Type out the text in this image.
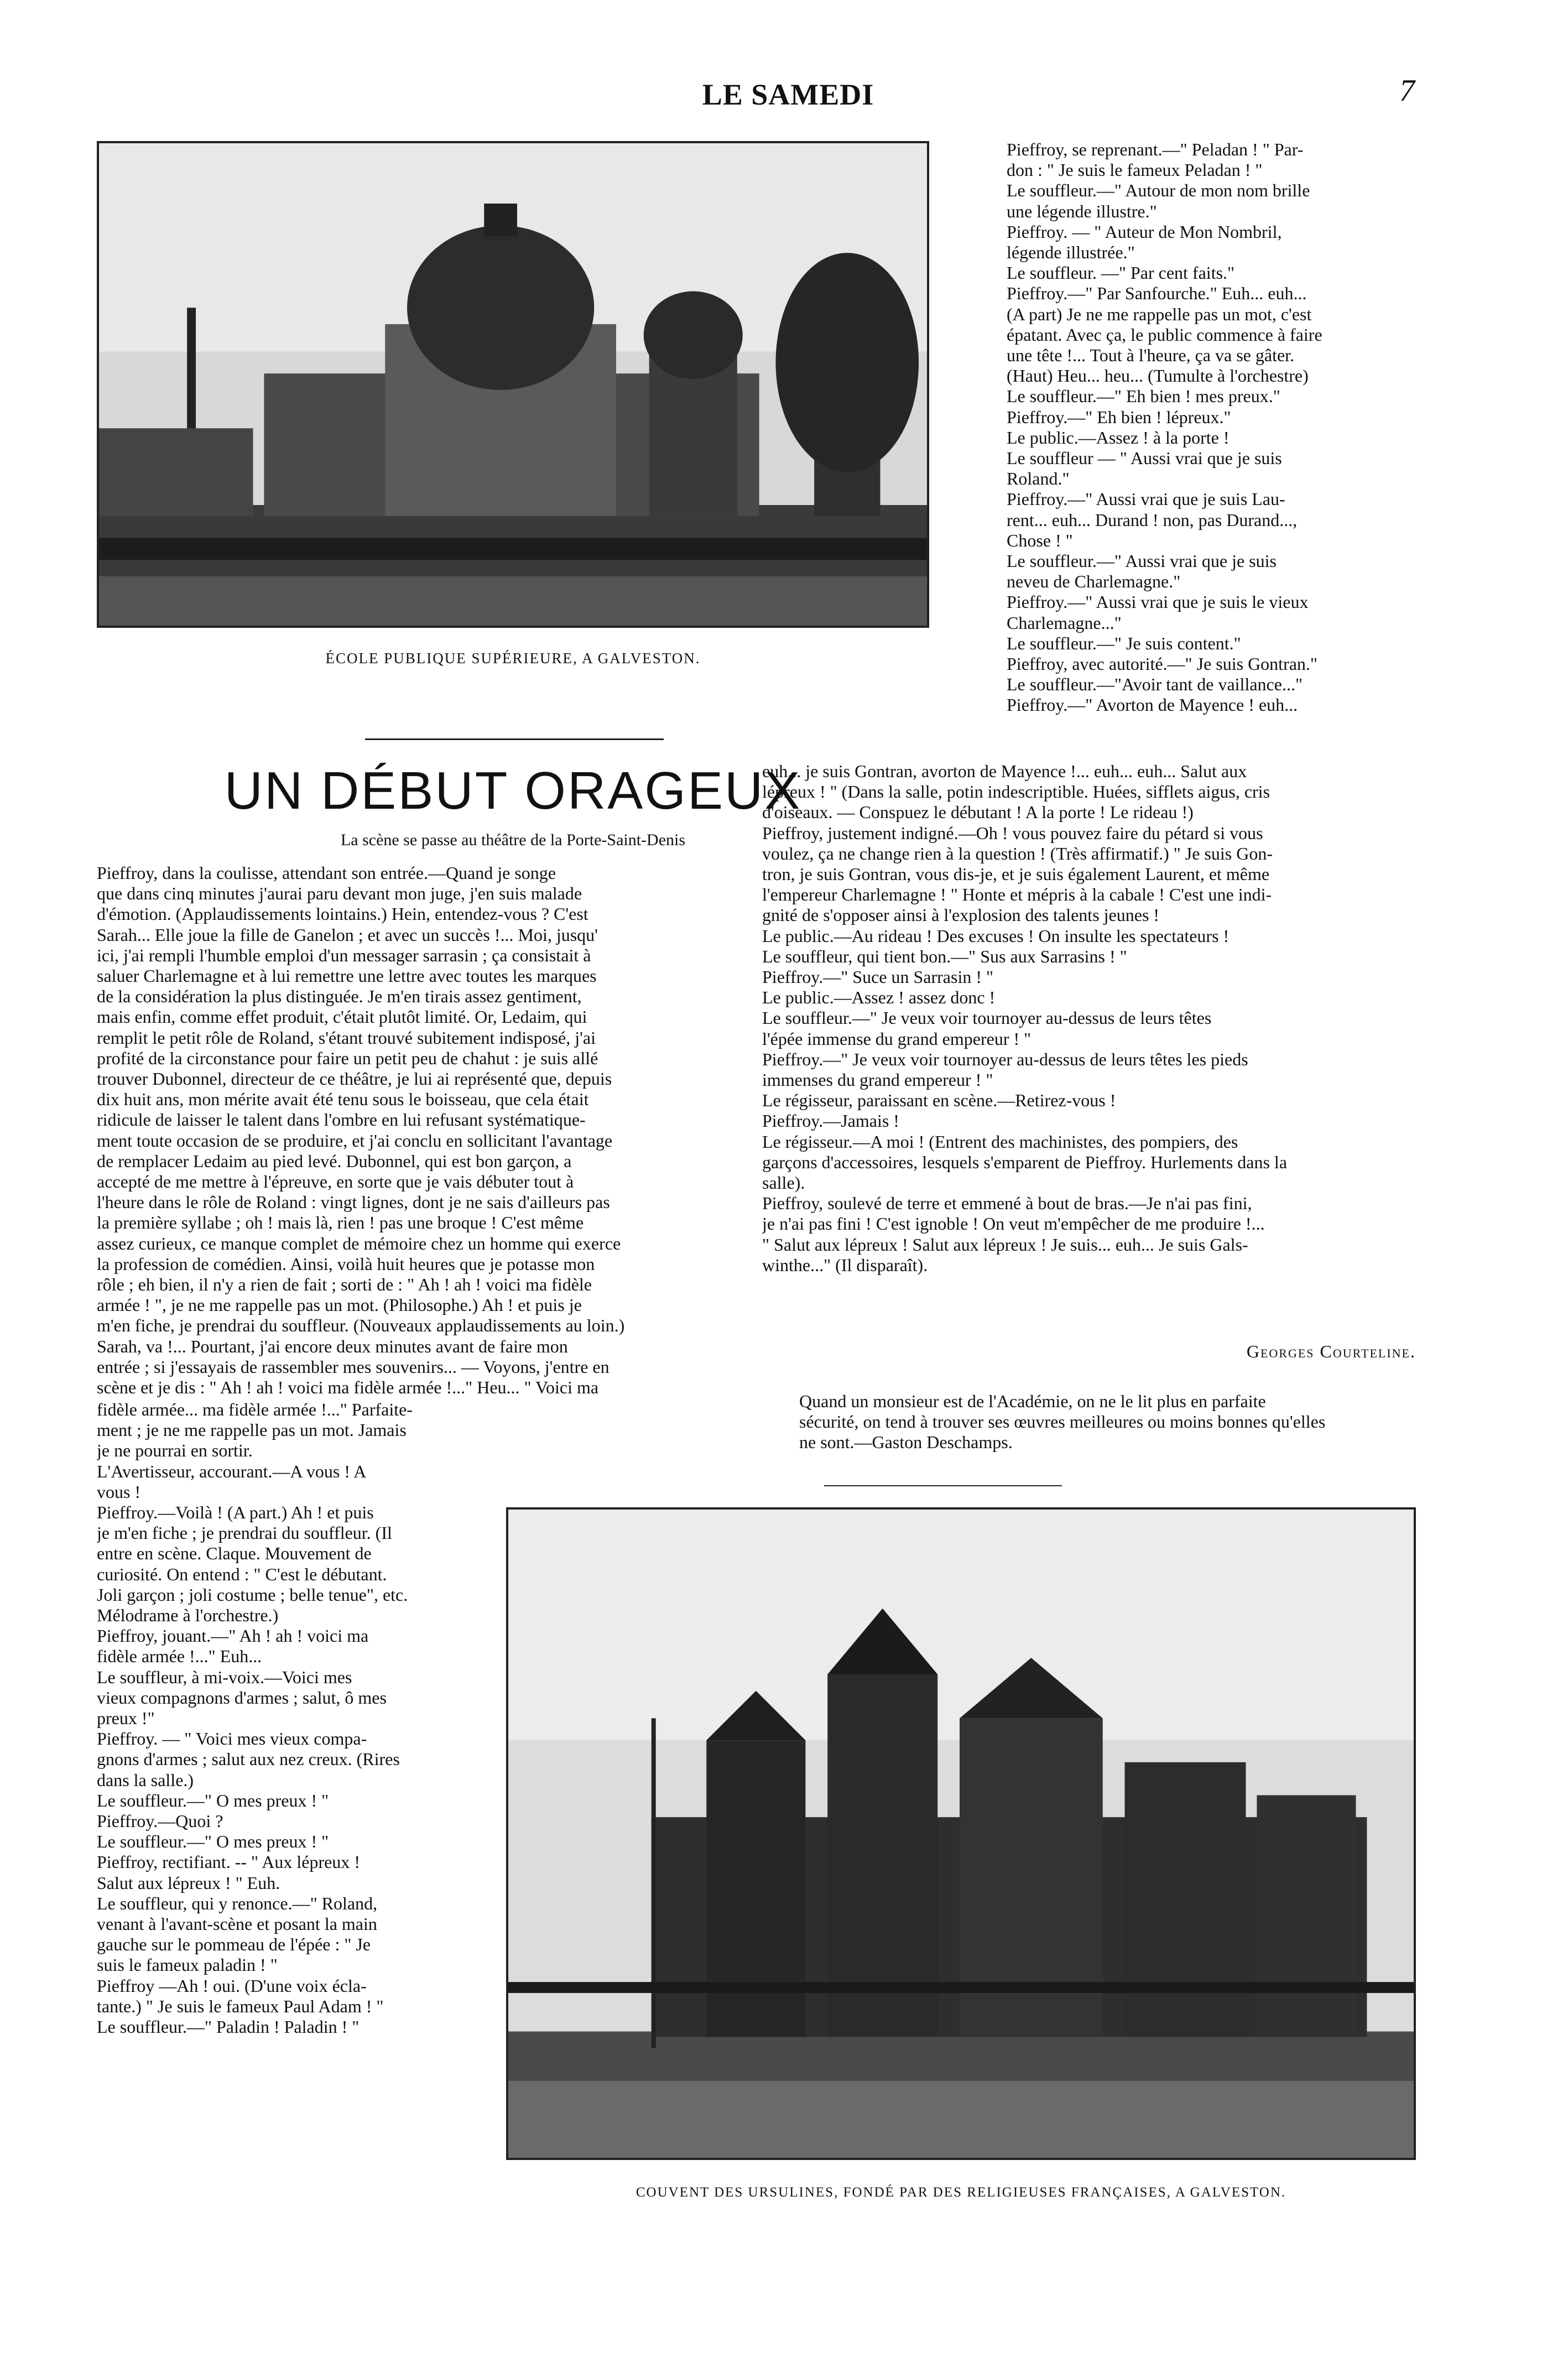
LE SAMEDI	7
ÉCOLE PUBLIQUE SUPÉRIEURE, A GALVESTON.
UN DÉBUT ORAGEUX
La scène se passe au théâtre de la Porte-Saint-Denis
Pieffroy, dans la coulisse, attendant son entrée.—Quand je songe
que dans cinq minutes j'aurai paru devant mon juge, j'en suis malade
d'émotion. (Applaudissements lointains.) Hein, entendez-vous ? C'est
Sarah... Elle joue la fille de Ganelon ; et avec un succès !... Moi, jusqu'
ici, j'ai rempli l'humble emploi d'un messager sarrasin ; ça consistait à
saluer Charlemagne et à lui remettre une lettre avec toutes les marques
de la considération la plus distinguée. Je m'en tirais assez gentiment,
mais enfin, comme effet produit, c'était plutôt limité. Or, Ledaim, qui
remplit le petit rôle de Roland, s'étant trouvé subitement indisposé, j'ai
profité de la circonstance pour faire un petit peu de chahut : je suis allé
trouver Dubonnel, directeur de ce théâtre, je lui ai représenté que, depuis
dix huit ans, mon mérite avait été tenu sous le boisseau, que cela était
ridicule de laisser le talent dans l'ombre en lui refusant systématique-
ment toute occasion de se produire, et j'ai conclu en sollicitant l'avantage
de remplacer Ledaim au pied levé. Dubonnel, qui est bon garçon, a
accepté de me mettre à l'épreuve, en sorte que je vais débuter tout à
l'heure dans le rôle de Roland : vingt lignes, dont je ne sais d'ailleurs pas
la première syllabe ; oh ! mais là, rien ! pas une broque ! C'est même
assez curieux, ce manque complet de mémoire chez un homme qui exerce
la profession de comédien. Ainsi, voilà huit heures que je potasse mon
rôle ; eh bien, il n'y a rien de fait ; sorti de : " Ah ! ah ! voici ma fidèle
armée ! ", je ne me rappelle pas un mot. (Philosophe.) Ah ! et puis je
m'en fiche, je prendrai du souffleur. (Nouveaux applaudissements au loin.)
Sarah, va !... Pourtant, j'ai encore deux minutes avant de faire mon
entrée ; si j'essayais de rassembler mes souvenirs... — Voyons, j'entre en
scène et je dis : " Ah ! ah ! voici ma fidèle armée !..." Heu... " Voici ma
fidèle armée... ma fidèle armée !..." Parfaite-
ment ; je ne me rappelle pas un mot. Jamais
je ne pourrai en sortir.
L'Avertisseur, accourant.—A vous ! A
vous !
Pieffroy.—Voilà ! (A part.) Ah ! et puis
je m'en fiche ; je prendrai du souffleur. (Il
entre en scène. Claque. Mouvement de
curiosité. On entend : " C'est le débutant.
Joli garçon ; joli costume ; belle tenue", etc.
Mélodrame à l'orchestre.)
Pieffroy, jouant.—" Ah ! ah ! voici ma
fidèle armée !..." Euh...
Le souffleur, à mi-voix.—Voici mes
vieux compagnons d'armes ; salut, ô mes
preux !"
Pieffroy. — " Voici mes vieux compa-
gnons d'armes ; salut aux nez creux. (Rires
dans la salle.)
Le souffleur.—" O mes preux ! "
Pieffroy.—Quoi ?
Le souffleur.—" O mes preux ! "
Pieffroy, rectifiant. -- " Aux lépreux !
Salut aux lépreux ! " Euh.
Le souffleur, qui y renonce.—" Roland,
venant à l'avant-scène et posant la main
gauche sur le pommeau de l'épée : " Je
suis le fameux paladin ! "
Pieffroy —Ah ! oui. (D'une voix écla-
tante.) " Je suis le fameux Paul Adam ! "
Le souffleur.—" Paladin ! Paladin ! "
Pieffroy, se reprenant.—" Peladan ! " Par-
don : " Je suis le fameux Peladan ! "
Le souffleur.—" Autour de mon nom brille
une légende illustre."
Pieffroy. — " Auteur de Mon Nombril,
légende illustrée."
Le souffleur. —" Par cent faits."
Pieffroy.—" Par Sanfourche." Euh... euh...
(A part) Je ne me rappelle pas un mot, c'est
épatant. Avec ça, le public commence à faire
une tête !... Tout à l'heure, ça va se gâter.
(Haut) Heu... heu... (Tumulte à l'orchestre)
Le souffleur.—" Eh bien ! mes preux."
Pieffroy.—" Eh bien ! lépreux."
Le public.—Assez ! à la porte !
Le souffleur — " Aussi vrai que je suis
Roland."
Pieffroy.—" Aussi vrai que je suis Lau-
rent... euh... Durand ! non, pas Durand...,
Chose ! "
Le souffleur.—" Aussi vrai que je suis
neveu de Charlemagne."
Pieffroy.—" Aussi vrai que je suis le vieux
Charlemagne..."
Le souffleur.—" Je suis content."
Pieffroy, avec autorité.—" Je suis Gontran."
Le souffleur.—"Avoir tant de vaillance..."
Pieffroy.—" Avorton de Mayence ! euh...
euh... je suis Gontran, avorton de Mayence !... euh... euh... Salut aux
lépreux ! " (Dans la salle, potin indescriptible. Huées, sifflets aigus, cris
d'oiseaux. — Conspuez le débutant ! A la porte ! Le rideau !)
Pieffroy, justement indigné.—Oh ! vous pouvez faire du pétard si vous
voulez, ça ne change rien à la question ! (Très affirmatif.) " Je suis Gon-
tron, je suis Gontran, vous dis-je, et je suis également Laurent, et même
l'empereur Charlemagne ! " Honte et mépris à la cabale ! C'est une indi-
gnité de s'opposer ainsi à l'explosion des talents jeunes !
Le public.—Au rideau ! Des excuses ! On insulte les spectateurs !
Le souffleur, qui tient bon.—" Sus aux Sarrasins ! "
Pieffroy.—" Suce un Sarrasin ! "
Le public.—Assez ! assez donc !
Le souffleur.—" Je veux voir tournoyer au-dessus de leurs têtes
l'épée immense du grand empereur ! "
Pieffroy.—" Je veux voir tournoyer au-dessus de leurs têtes les pieds
immenses du grand empereur ! "
Le régisseur, paraissant en scène.—Retirez-vous !
Pieffroy.—Jamais !
Le régisseur.—A moi ! (Entrent des machinistes, des pompiers, des
garçons d'accessoires, lesquels s'emparent de Pieffroy. Hurlements dans la
salle).
Pieffroy, soulevé de terre et emmené à bout de bras.—Je n'ai pas fini,
je n'ai pas fini ! C'est ignoble ! On veut m'empêcher de me produire !...
" Salut aux lépreux ! Salut aux lépreux ! Je suis... euh... Je suis Gals-
winthe..." (Il disparaît).
Georges Courteline.
Quand un monsieur est de l'Académie, on ne le lit plus en parfaite
sécurité, on tend à trouver ses œuvres meilleures ou moins bonnes qu'elles
ne sont.—Gaston Deschamps.
COUVENT DES URSULINES, FONDÉ PAR DES RELIGIEUSES FRANÇAISES, A GALVESTON.
